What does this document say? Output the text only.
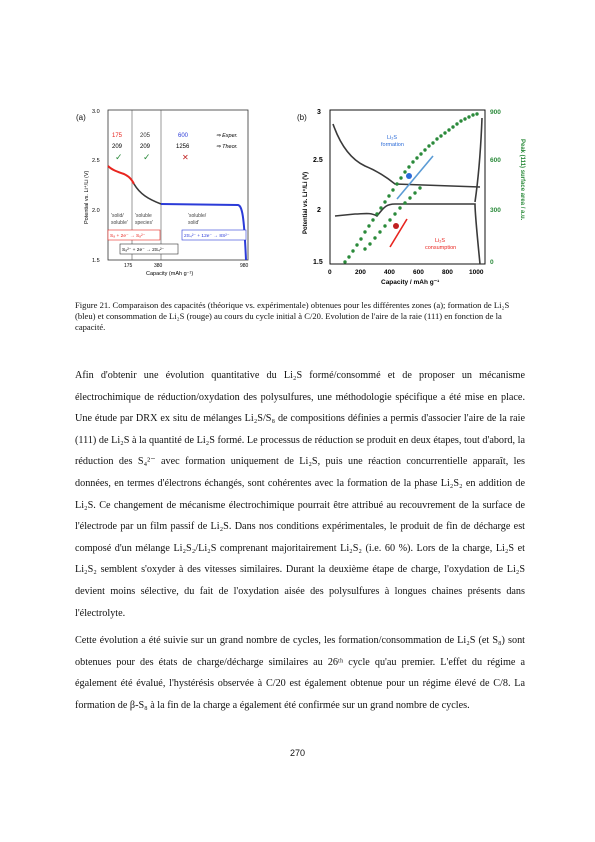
(a)
Potential vs. Li⁺/Li (V)
3.0
2.5
2.0
1.5
175	205	600	⇒ Exper.
209	209	1256	⇒ Theor.
✓ ✓	✕
'solid/
soluble'
'soluble
species'
'soluble/
solid'
S₈ + 2e⁻ → S₈²⁻	2S₄²⁻ + 12e⁻ → 8S²⁻
S₈²⁻ + 2e⁻ → 2S₄²⁻
175	380	980
Capacity (mAh g⁻¹)
(b)
Potential vs. Li⁺/Li (V)
3
2.5
2
1.5
900
600
300
0
Peak (111) surface area / a.u.
Li₂S
formation
Li₂S
consumption
0	200	400	600	800 1000
Capacity / mAh g⁻¹
Figure 21. Comparaison des capacités (théorique vs. expérimentale) obtenues pour les différentes zones (a); formation de Li₂S (bleu) et consommation de Li₂S (rouge) au cours du cycle initial à C/20. Evolution de l'aire de la raie (111) en fonction de la capacité.

Afin d'obtenir une évolution quantitative du Li₂S formé/consommé et de proposer un mécanisme électrochimique de réduction/oxydation des polysulfures, une méthodologie spécifique a été mise en place. Une étude par DRX ex situ de mélanges Li₂S/S₈ de compositions définies a permis d'associer l'aire de la raie (111) de Li₂S à la quantité de Li₂S formé. Le processus de réduction se produit en deux étapes, tout d'abord, la réduction des S₄²⁻ avec formation uniquement de Li₂S, puis une réaction concurrentielle apparaît, les données, en termes d'électrons échangés, sont cohérentes avec la formation de la phase Li₂S₂ en addition de Li₂S. Ce changement de mécanisme électrochimique pourrait être attribué au recouvrement de la surface de l'électrode par un film passif de Li₂S. Dans nos conditions expérimentales, le produit de fin de décharge est composé d'un mélange Li₂S₂/Li₂S comprenant majoritairement Li₂S₂ (i.e. 60 %). Lors de la charge, Li₂S et Li₂S₂ semblent s'oxyder à des vitesses similaires. Durant la deuxième étape de charge, l'oxydation de Li₂S devient moins sélective, du fait de l'oxydation aisée des polysulfures à longues chaines présents dans l'électrolyte.

Cette évolution a été suivie sur un grand nombre de cycles, les formation/consommation de Li₂S (et S₈) sont obtenues pour des états de charge/décharge similaires au 26ᵗʰ cycle qu'au premier. L'effet du régime a également été évalué, l'hystérésis observée à C/20 est également obtenue pour un régime élevé de C/8. La formation de β-S₈ à la fin de la charge a également été confirmée sur un grand nombre de cycles.

270
